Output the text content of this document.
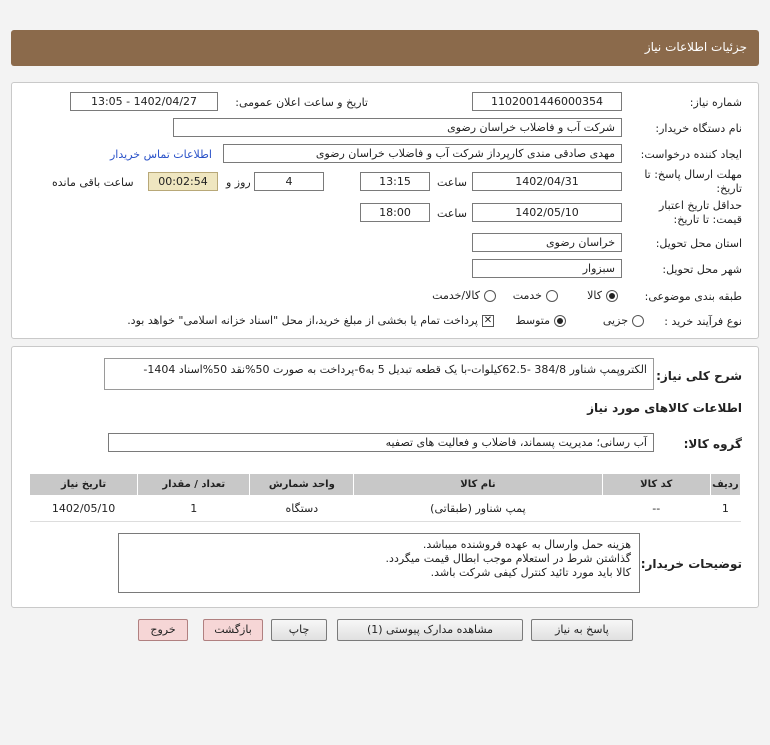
جزئیات اطلاعات نیاز
شماره نیاز:
1102001446000354
تاریخ و ساعت اعلان عمومی:
1402/04/27 - 13:05
نام دستگاه خریدار:
شرکت آب و فاضلاب خراسان رضوی
ایجاد کننده درخواست:
مهدی صادقی مندی کارپرداز شرکت آب و فاضلاب خراسان رضوی
اطلاعات تماس خریدار
مهلت ارسال پاسخ: تا تاریخ:
1402/04/31
ساعت
13:15
4
روز و
00:02:54
ساعت باقی مانده
حداقل تاریخ اعتبار قیمت: تا تاریخ:
1402/05/10
ساعت
18:00
استان محل تحویل:
خراسان رضوی
شهر محل تحویل:
سبزوار
طبقه بندی موضوعی:
کالا
خدمت
کالا/خدمت
نوع فرآیند خرید :
جزیی
متوسط
✕
پرداخت تمام یا بخشی از مبلغ خرید،از محل "اسناد خزانه اسلامی" خواهد بود.
شرح کلی نیاز:
الکتروپمپ شناور 384/8 -62.5کیلوات-با یک قطعه تبدیل 5 به6-پرداخت به صورت 50%نقد 50%اسناد 1404-
اطلاعات کالاهای مورد نیاز
گروه کالا:
آب رسانی؛ مدیریت پسماند، فاضلاب و فعالیت های تصفیه
ردیف	کد کالا	نام کالا	واحد شمارش	تعداد / مقدار	تاریخ نیاز
1	--	پمپ شناور (طبقاتی)	دستگاه	1	1402/05/10
توضیحات خریدار:
هزینه حمل وارسال به عهده فروشنده میباشد.
گذاشتن شرط در استعلام موجب ابطال قیمت میگردد.
کالا باید مورد تائید کنترل کیفی شرکت باشد.
پاسخ به نیاز
مشاهده مدارک پیوستی (1)
چاپ
بازگشت
خروج
